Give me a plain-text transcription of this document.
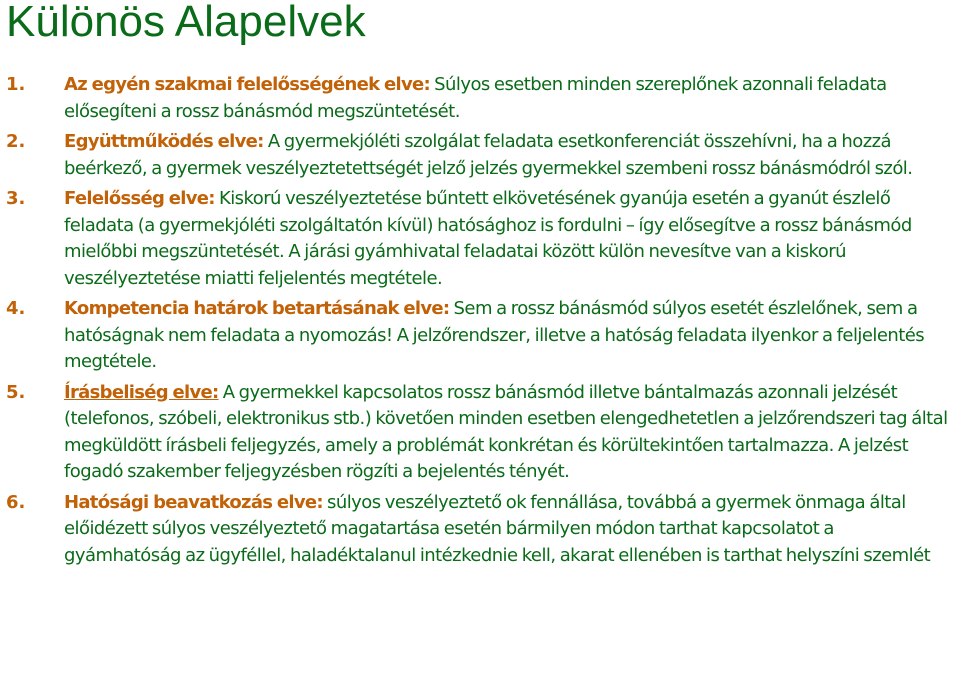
Különös Alapelvek
1. Az egyén szakmai felelősségének elve: Súlyos esetben minden szereplőnek azonnali feladata elősegíteni a rossz bánásmód megszüntetését.
2. Együttműködés elve: A gyermekjóléti szolgálat feladata esetkonferenciát összehívni, ha a hozzá beérkező, a gyermek veszélyeztetettségét jelző jelzés gyermekkel szembeni rossz bánásmódról szól.
3. Felelősség elve: Kiskorú veszélyeztetése bűntett elkövetésének gyanúja esetén a gyanút észlelő feladata (a gyermekjóléti szolgáltatón kívül) hatósághoz is fordulni – így elősegítve a rossz bánásmód mielőbbi megszüntetését. A járási gyámhivatal feladatai között külön nevesítve van a kiskorú veszélyeztetése miatti feljelentés megtétele.
4. Kompetencia határok betartásának elve: Sem a rossz bánásmód súlyos esetét észlelőnek, sem a hatóságnak nem feladata a nyomozás! A jelzőrendszer, illetve a hatóság feladata ilyenkor a feljelentés megtétele.
5. Írásbeliség elve: A gyermekkel kapcsolatos rossz bánásmód illetve bántalmazás azonnali jelzését (telefonos, szóbeli, elektronikus stb.) követően minden esetben elengedhetetlen a jelzőrendszeri tag által megküldött írásbeli feljegyzés, amely a problémát konkrétan és körültekintően tartalmazza. A jelzést fogadó szakember feljegyzésben rögzíti a bejelentés tényét.
6. Hatósági beavatkozás elve: súlyos veszélyeztető ok fennállása, továbbá a gyermek önmaga által előidézett súlyos veszélyeztető magatartása esetén bármilyen módon tarthat kapcsolatot a gyámhatóság az ügyféllel, haladéktalanul intézkednie kell, akarat ellenében is tarthat helyszíni szemlét
